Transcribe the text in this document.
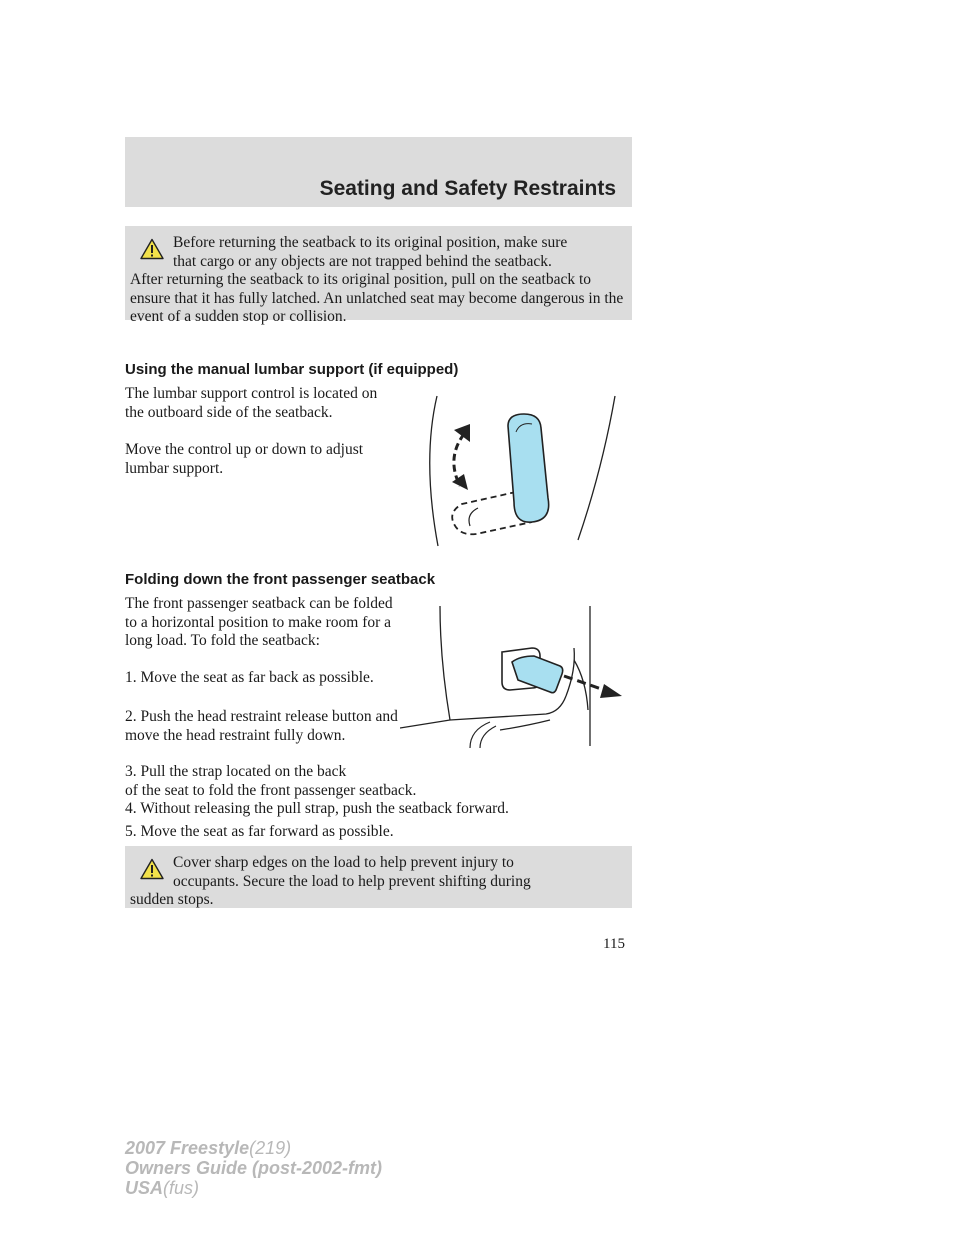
Seating and Safety Restraints

Before returning the seatback to its original position, make sure
that cargo or any objects are not trapped behind the seatback.
After returning the seatback to its original position, pull on the seatback to ensure that it has fully latched. An unlatched seat may become dangerous in the event of a sudden stop or collision.

Using the manual lumbar support (if equipped)

The lumbar support control is located on the outboard side of the seatback.

Move the control up or down to adjust lumbar support.

Folding down the front passenger seatback

The front passenger seatback can be folded to a horizontal position to make room for a long load. To fold the seatback:

1. Move the seat as far back as possible.

2. Push the head restraint release button and move the head restraint fully down.

3. Pull the strap located on the back
of the seat to fold the front passenger seatback.

4. Without releasing the pull strap, push the seatback forward.

5. Move the seat as far forward as possible.

Cover sharp edges on the load to help prevent injury to
occupants. Secure the load to help prevent shifting during
sudden stops.

115

2007 Freestyle(219)
Owners Guide (post-2002-fmt)
USA(fus)
